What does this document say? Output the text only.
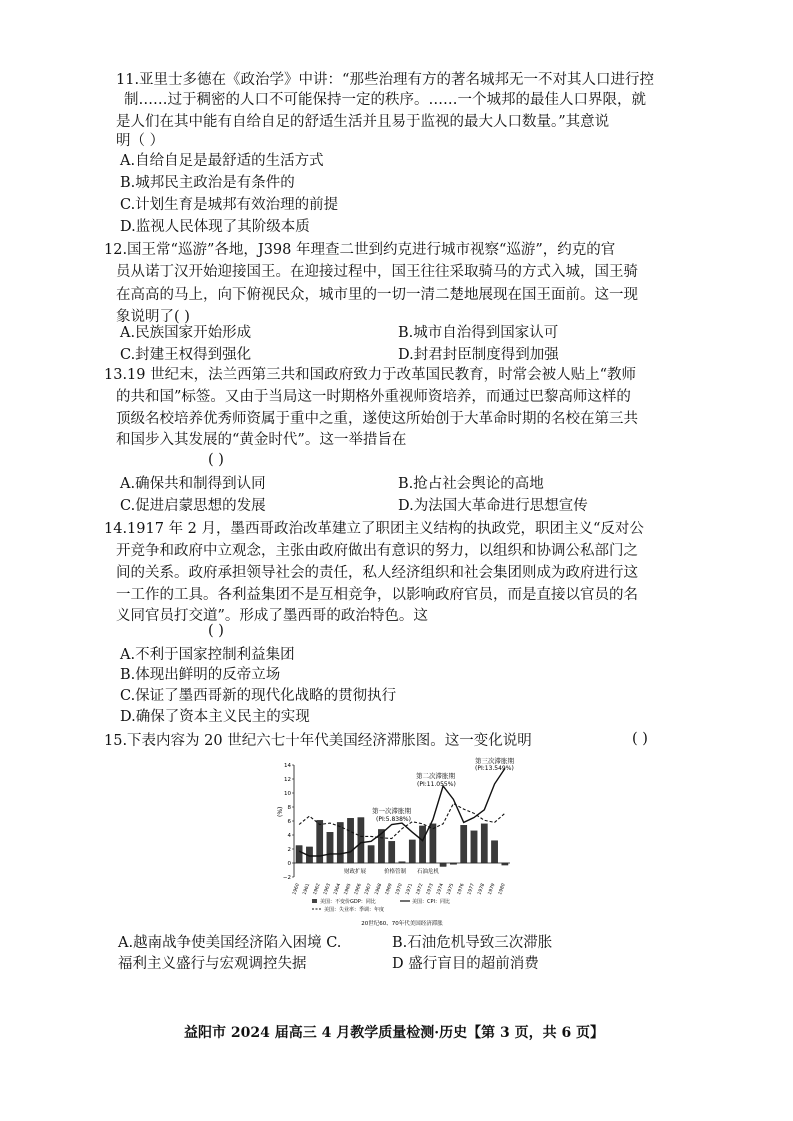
11.亚里士多德在《政治学》中讲：“那些治理有方的著名城邦无一不对其人口进行控
制……过于稠密的人口不可能保持一定的秩序。……一个城邦的最佳人口界限，就
是人们在其中能有自给自足的舒适生活并且易于监视的最大人口数量。”其意说
明（ ）
A.自给自足是最舒适的生活方式
B.城邦民主政治是有条件的
C.计划生育是城邦有效治理的前提
D.监视人民体现了其阶级本质
12.国王常“巡游”各地，J398 年理查二世到约克进行城市视察“巡游”，约克的官
员从诺丁汉开始迎接国王。在迎接过程中，国王往往采取骑马的方式入城，国王骑
在高高的马上，向下俯视民众，城市里的一切一清二楚地展现在国王面前。这一现
象说明了( )
A.民族国家开始形成	B.城市自治得到国家认可
C.封建王权得到强化	D.封君封臣制度得到加强
13.19 世纪末，法兰西第三共和国政府致力于改革国民教育，时常会被人贴上“教师
的共和国”标签。又由于当局这一时期格外重视师资培养，而通过巴黎高师这样的
顶级名校培养优秀师资属于重中之重，遂使这所始创于大革命时期的名校在第三共
和国步入其发展的“黄金时代”。这一举措旨在
( )
A.确保共和制得到认同	B.抢占社会舆论的高地
C.促进启蒙思想的发展	D.为法国大革命进行思想宣传
14.1917 年 2 月，墨西哥政治改革建立了职团主义结构的执政党，职团主义“反对公
开竞争和政府中立观念，主张由政府做出有意识的努力，以组织和协调公私部门之
间的关系。政府承担领导社会的责任，私人经济组织和社会集团则成为政府进行这
一工作的工具。各利益集团不是互相竞争，以影响政府官员，而是直接以官员的名
义同官员打交道”。形成了墨西哥的政治特色。这
( )
A.不利于国家控制利益集团
B.体现出鲜明的反帝立场
C.保证了墨西哥新的现代化战略的贯彻执行
D.确保了资本主义民主的实现
15.下表内容为 20 世纪六七十年代美国经济滞胀图。这一变化说明	( )
−2
0
2
4
6
8
10
12
14
1960 1961 1962 1963 1964 1965 1966 1967 1968 1969 1970 1971 1972 1973 1974 1975 1976 1977 1978 1979 1980
(%)	第一次滞胀期
(PI:5.838%)
第二次滞胀期
(PI:11.055%)
第三次滞胀期
(PI:13.549%)
财政扩展	价格管制 石油危机
美国：不变价GDP：同比	美国：CPI：同比
美国：失业率：季调：年度
20世纪60、70年代美国经济滞胀
A.越南战争使美国经济陷入困境 C.	B.石油危机导致三次滞胀
福利主义盛行与宏观调控失据	D 盛行盲目的超前消费
益阳市 2024 届高三 4 月教学质量检测·历史【第 3 页，共 6 页】
